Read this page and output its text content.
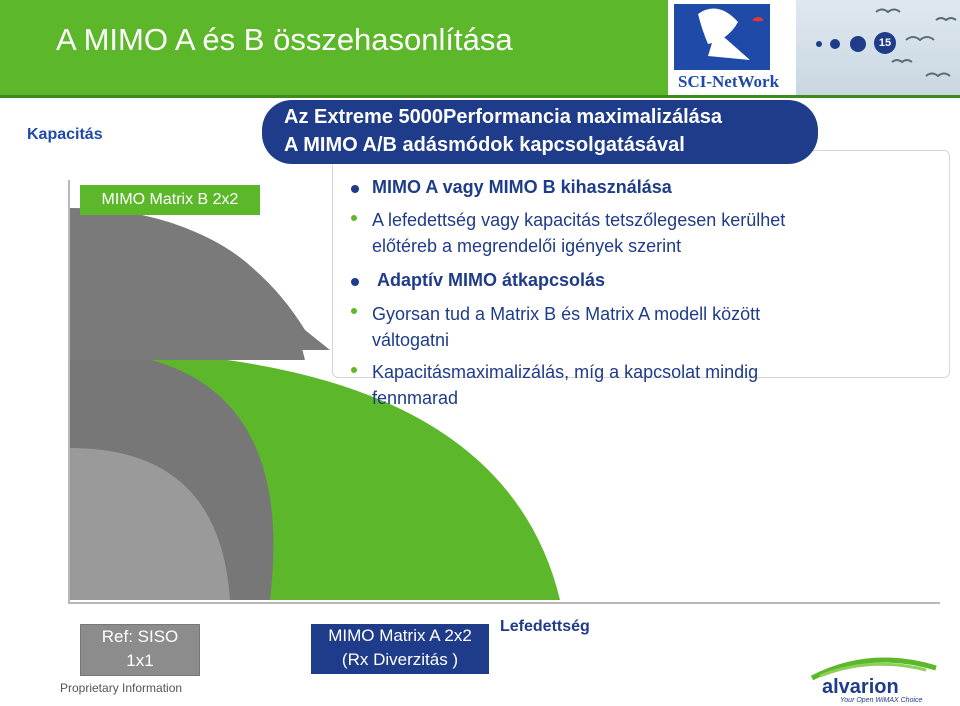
A MIMO A és B összehasonlítása
SCI-NetWork
15
Kapacitás
MIMO Matrix B 2x2
Az Extreme 5000Performancia maximalizálása
A MIMO A/B adásmódok kapcsolgatásával
MIMO A vagy MIMO B kihasználása
A lefedettség vagy kapacitás tetszőlegesen kerülhet
előtéreb a megrendelői igények szerint
Adaptív MIMO átkapcsolás
Gyorsan tud a Matrix B és Matrix A modell között
váltogatni
Kapacitásmaximalizálás, míg a kapcsolat mindig
fennmarad
Ref: SISO
1x1
MIMO Matrix A 2x2
(Rx Diverzitás )
Lefedettség
Proprietary Information	alvarion
Your Open WiMAX Choice
